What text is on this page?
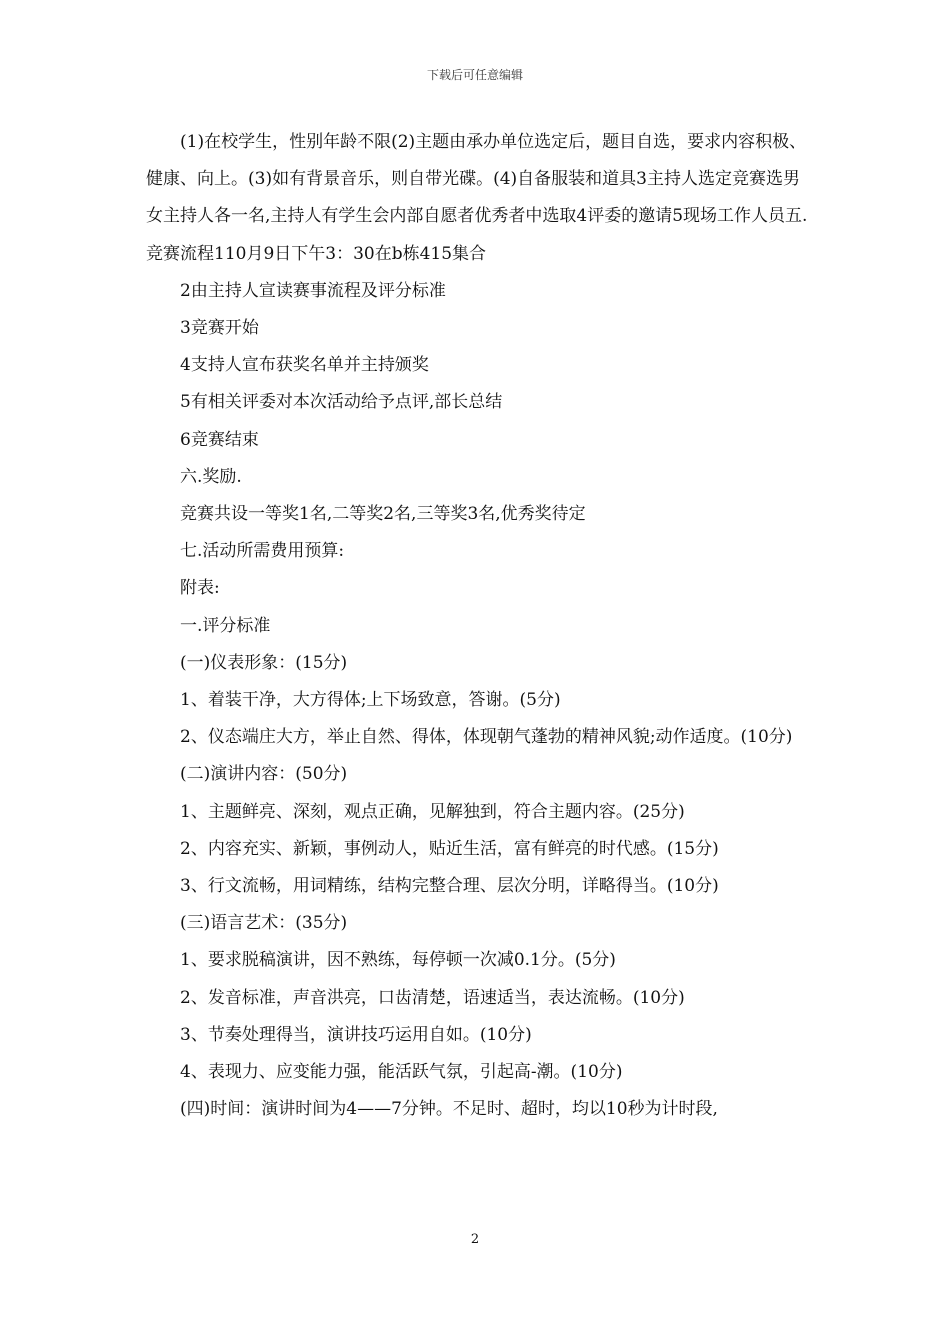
下载后可任意编辑

(1)在校学生，性别年龄不限(2)主题由承办单位选定后，题目自选，要求内容积极、健康、向上。(3)如有背景音乐，则自带光碟。(4)自备服装和道具3主持人选定竞赛选男女主持人各一名,主持人有学生会内部自愿者优秀者中选取4评委的邀请5现场工作人员五.竞赛流程110月9日下午3：30在b栋415集合

2由主持人宣读赛事流程及评分标准

3竞赛开始

4支持人宣布获奖名单并主持颁奖

5有相关评委对本次活动给予点评,部长总结

6竞赛结束

六.奖励.

竞赛共设一等奖1名,二等奖2名,三等奖3名,优秀奖待定

七.活动所需费用预算:

附表:

一.评分标准

(一)仪表形象：(15分)

1、着装干净，大方得体;上下场致意，答谢。(5分)

2、仪态端庄大方，举止自然、得体，体现朝气蓬勃的精神风貌;动作适度。(10分)

(二)演讲内容：(50分)

1、主题鲜亮、深刻，观点正确，见解独到，符合主题内容。(25分)

2、内容充实、新颖，事例动人，贴近生活，富有鲜亮的时代感。(15分)

3、行文流畅，用词精练，结构完整合理、层次分明，详略得当。(10分)

(三)语言艺术：(35分)

1、要求脱稿演讲，因不熟练，每停顿一次减0.1分。(5分)

2、发音标准，声音洪亮，口齿清楚，语速适当，表达流畅。(10分)

3、节奏处理得当，演讲技巧运用自如。(10分)

4、表现力、应变能力强，能活跃气氛，引起高-潮。(10分)

(四)时间：演讲时间为4——7分钟。不足时、超时，均以10秒为计时段,

2
